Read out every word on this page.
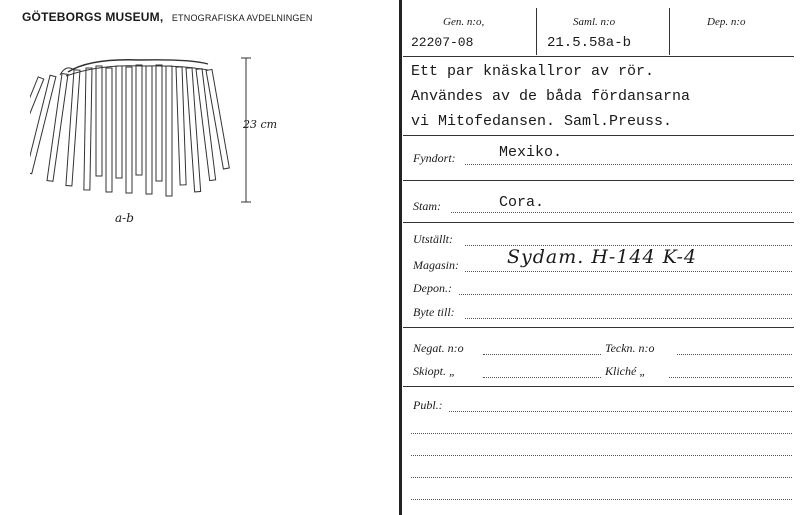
GÖTEBORGS MUSEUM, ETNOGRAFISKA AVDELNINGEN
23 cm
a-b
Gen. n:o,	Saml. n:o	Dep. n:o
22207-08	21.5.58a-b
Ett par knäskallror av rör.
Användes av de båda fördansarna
vi Mitofedansen. Saml.Preuss.
Fyndort:	Mexiko.
Stam:	Cora.
Utställt:
Magasin:	Sydam. H-144 K-4
Depon.:
Byte till:
Negat. n:o	Teckn. n:o
Skiopt. „	Kliché „
Publ.:
